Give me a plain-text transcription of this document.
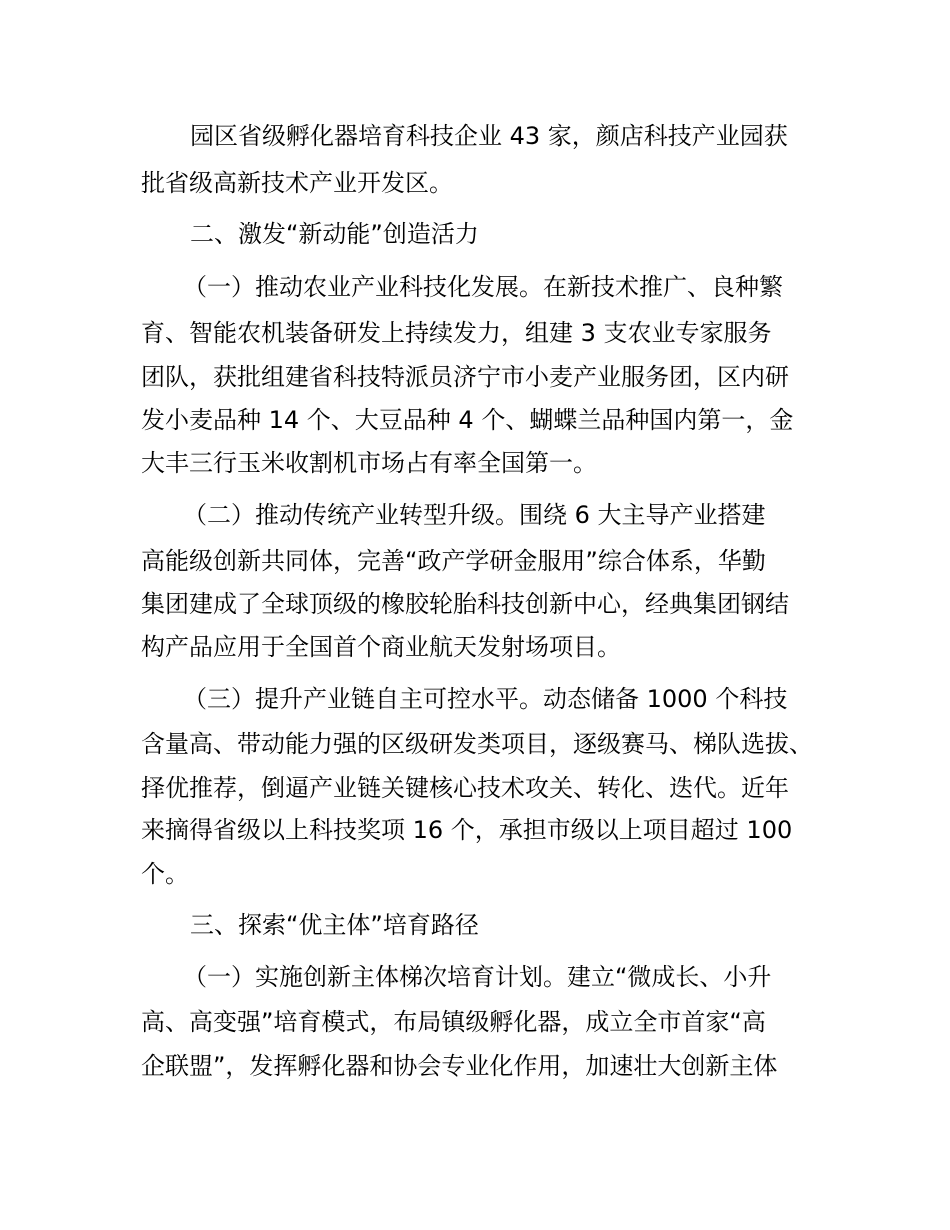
园区省级孵化器培育科技企业 43 家，颜店科技产业园获

批省级高新技术产业开发区。

二、激发“新动能”创造活力

（一）推动农业产业科技化发展。在新技术推广、良种繁

育、智能农机装备研发上持续发力，组建 3 支农业专家服务

团队，获批组建省科技特派员济宁市小麦产业服务团，区内研

发小麦品种 14 个、大豆品种 4 个、蝴蝶兰品种国内第一，金

大丰三行玉米收割机市场占有率全国第一。

（二）推动传统产业转型升级。围绕 6 大主导产业搭建

高能级创新共同体，完善“政产学研金服用”综合体系，华勤

集团建成了全球顶级的橡胶轮胎科技创新中心，经典集团钢结

构产品应用于全国首个商业航天发射场项目。

（三）提升产业链自主可控水平。动态储备 1000 个科技

含量高、带动能力强的区级研发类项目，逐级赛马、梯队选拔、

择优推荐，倒逼产业链关键核心技术攻关、转化、迭代。近年

来摘得省级以上科技奖项 16 个，承担市级以上项目超过 100

个。

三、探索“优主体”培育路径

（一）实施创新主体梯次培育计划。建立“微成长、小升

高、高变强”培育模式，布局镇级孵化器，成立全市首家“高

企联盟”，发挥孵化器和协会专业化作用，加速壮大创新主体
